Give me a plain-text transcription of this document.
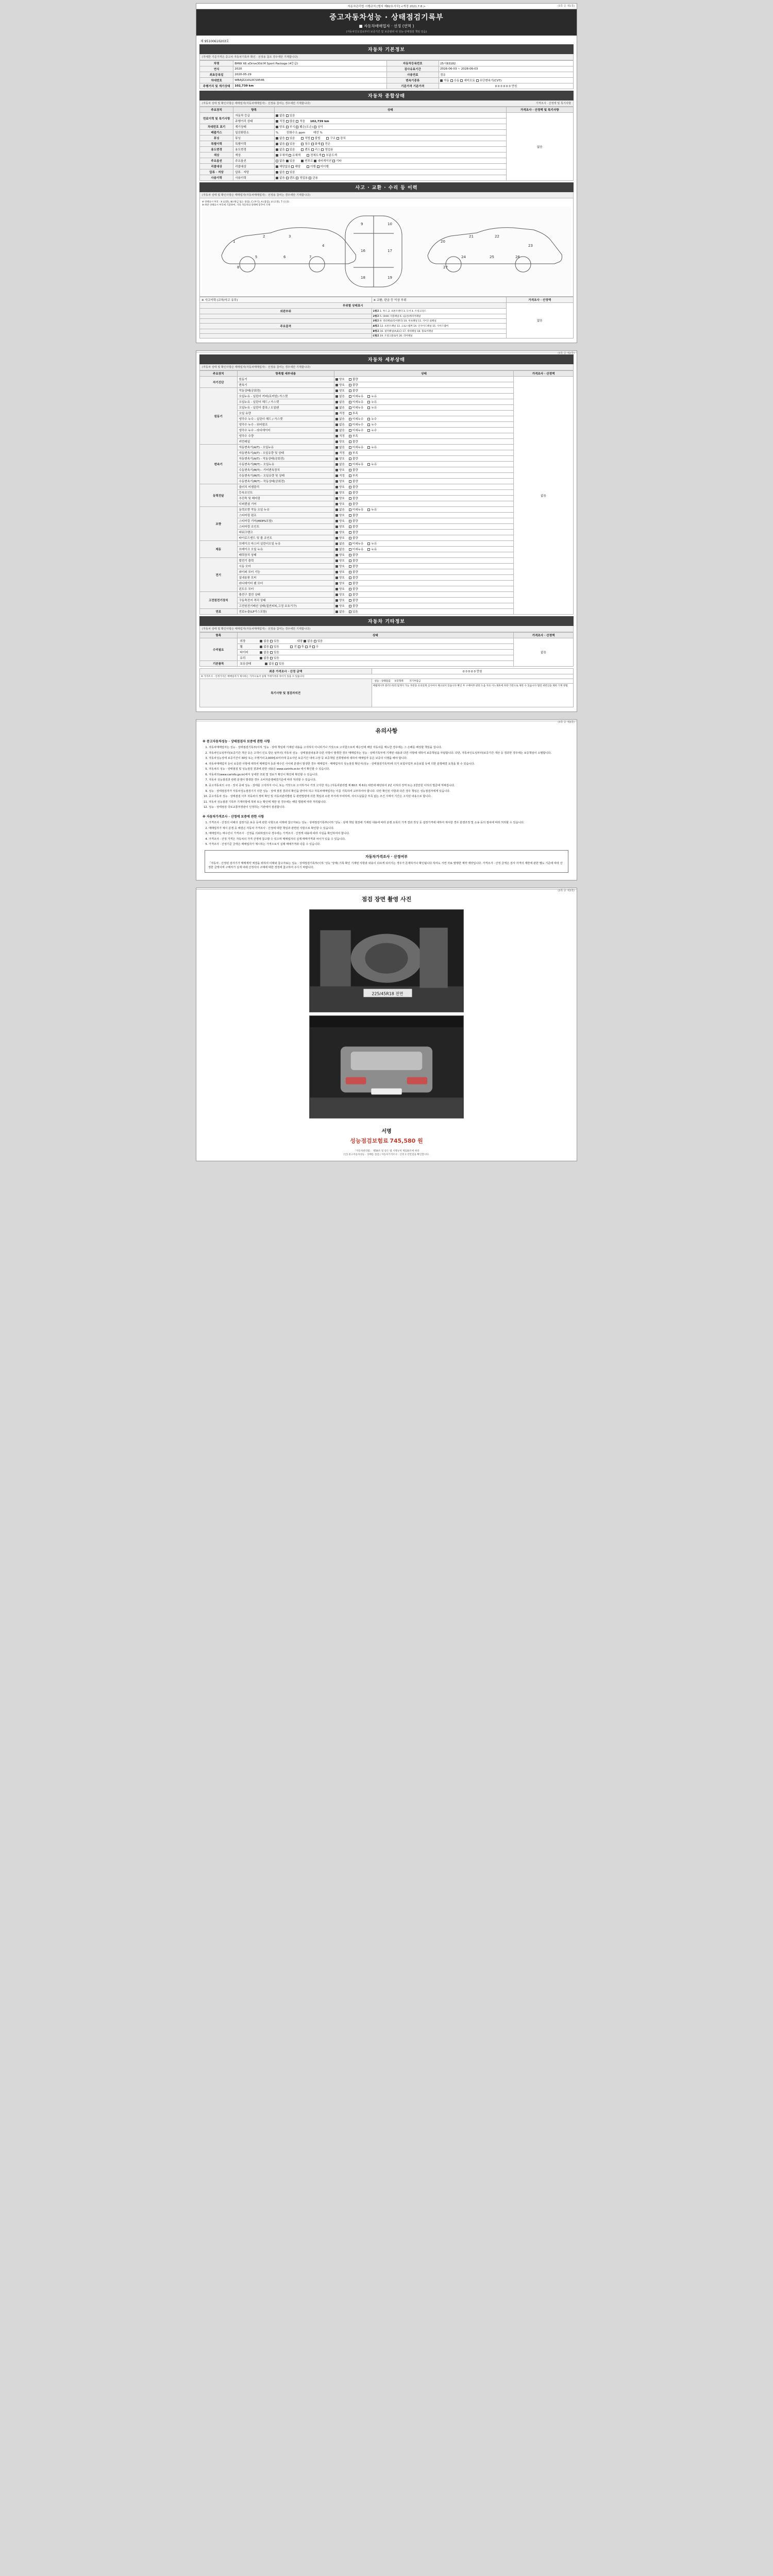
자동차관리법 시행규칙 [별지 제82호서식] <개정 2021.7.8.>	(3쪽 중 제1쪽)
중고자동차성능 · 상태점검기록부
■ 자동차매매업자 · 선정 (연멱 )
(자동차인도일로부터 보증기간 및 보증범위 내 성능·상태점검 책임 있음)
제 95100610203호
자동차 기본정보
(자세한 기준가격은 중고차 자동차기록부 확인 · 선정용 참조 경우에만 기재합니다)
차명	BMW X6 xDrive30d M Sport Package (4등급)	자동차등록번호	25시83182
연식	2020	검사유효기간	2026-06-03 ~ 2028-06-03
최초등록일	2020-05-29	사용연료	경유
차대번호	WBAJZ210L0CS9546	변속기종류	자동 수동 세미오토 무단변속기(CVT)
주행거리 및 계기상태	102,739 km	기준가격 기준가격	0 0 0 0 0 0 만원
자동차 종합상태
(자동차 상태 및 확인사항은 매매업자(자동차매매업자) · 선정용 참여는 경우에만 기재합니다)	가격조사 · 산정액 및 특기사항
주요장치	항목	상태	가격조사 · 산정액 및 특기사항
연료이력 및 특기사항	자동차 등급	없음 있음	없음
	주행거리 상태	적정 많음 적음 102,739 km	
차대번호 표기	계기상태	양호 부식 훼손(오손) 상이	
배출가스	일산화탄소	% 탄화수소 ppm 매연 %	
튜닝	튜닝	없음 있음 적법 불법 구조 장치	
특별이력	특별이력	없음 있음 침수 화재 전손	
용도변경	용도변경	없음 있음 렌트 리스 영업용	
색상	색상	무채색 유채색 전체도색 부분도색	
주요옵션	주요옵션	없음 있음 썬루프 내비게이션 기타	
리콜대상	리콜대상	해당없음 해당 이행 미이행	
압류 · 저당	압류 · 저당	없음 있음	
사용이력	사용이력	없음 렌트 영업용 관용	
사고 · 교환 · 수리 등 이력
(자동차 상태 및 확인사항은 매매업자(자동차매매업자) · 선정용 참여는 경우에만 기재합니다)
※ 상태표시 부호 : X (교환), W (판금 또는 용접), C (부식), A (흠집), U (요철), T (손상)
※ 하단 상태표시 부호에 기준하여, 기타 자동차의 상태에 맞추어 기재
1
2	3
4
5	6	7
8
9	10
16	17
18	19
20
21	22
23
24	25	26
27
※ 사고이력 (교차/사고 유무)	※ 교환, 판금 등 이상 부위	가격조사 · 산정액
부위별 상태표시		없음
외판부위	1랭크 1. 후드 2. 프론트펜더 3. 도어 4. 트렁크리드	
	2랭크 5. (040) 지붕패널 6. (옵션)캐리어패널	
	3랭크 9. 쿼터패널(리어펜더) 10. 루프패널 11. 사이드실패널	
주요골격	A랭크 12. 프론트패널 13. 크로스멤버 14. 인사이드패널 15. 사이드멤버	
	B랭크 16. 필러패널(A,B,C) 17. 대쉬패널 18. 플로어패널	
	C랭크 19. 트렁크플로어 20. 리어패널	
(3쪽 중 제2쪽)
자동차 세부상태
(자동차 상태 및 확인사항은 매매업자(자동차매매업자) · 선정용 참여는 경우에만 기재합니다)
주요장치	항목별 세부내용	상태	가격조사 · 산정액
자기진단	원동기	양호 불량	없음
	변속기	양호 불량	
원동기	작동상태(공회전)	양호 불량	
	오일누유 - 실린더 커버(로커암) 가스켓	없음 미세누유 누유	
	오일누유 - 실린더 헤드 / 가스켓	없음 미세누유 누유	
	오일누유 - 실린더 블록 / 오일팬	없음 미세누유 누유	
	오일 유량	적정 부족	
	냉각수 누수 - 실린더 헤드 / 가스켓	없음 미세누수 누수	
	냉각수 누수 - 워터펌프	없음 미세누수 누수	
	냉각수 누수 - 라디에이터	없음 미세누수 누수	
	냉각수 수량	적정 부족	
	커먼레일	양호 불량	
변속기	자동변속기(A/T) - 오일누유	없음 미세누유 누유	
	자동변속기(A/T) - 오일유량 및 상태	적정 부족	
	자동변속기(A/T) - 작동상태(공회전)	양호 불량	
	수동변속기(M/T) - 오일누유	없음 미세누유 누유	
	수동변속기(M/T) - 기어변속장치	양호 불량	
	수동변속기(M/T) - 오일유량 및 상태	적정 부족	
	수동변속기(M/T) - 작동상태(공회전)	양호 불량	
동력전달	클러치 어셈블리	양호 불량	
	등속조인트	양호 불량	
	추진축 및 베어링	양호 불량	
	디퍼렌셜 기어	양호 불량	
조향	동력조향 작동 오일 누유	없음 미세누유 누유	
	스티어링 펌프	양호 불량	
	스티어링 기어(MDPS포함)	양호 불량	
	스티어링 조인트	양호 불량	
	파워크랭크	양호 불량	
	타이로드엔드 및 볼 조인트	양호 불량	
제동	브레이크 마스터 실린더오일 누유	없음 미세누유 누유	
	브레이크 오일 누유	없음 미세누유 누유	
	배력장치 상태	양호 불량	
전기	발전기 출력	양호 불량	
	시동 모터	양호 불량	
	와이퍼 모터 기능	양호 불량	
	실내송풍 모터	양호 불량	
	라디에이터 팬 모터	양호 불량	
	윈도우 모터	양호 불량	
고전원전기장치	충전구 절연 상태	양호 불량	
	구동축전지 격리 상태	양호 불량	
	고전원전기배선 상태(접연피복,고정 보호기구)	양호 불량	
연료	연료누출(LP가스포함)	없음 있음	
자동차 기타정보
(자동차 상태 및 확인사항은 매매업자(자동차매매업자) · 선정용 참여는 경우에만 기재합니다)
항목	상태	가격조사 · 산정액
수리필요	외장 없음 있음 내장 없음 있음	없음
	휠 없음 있음 전 후 좌 우	
	타이어 없음 있음	
	유리 없음 있음	
기본품목	보유상태 없음 있음	
최종 가격조사 · 산정 금액	0 0 0 0 0 만원
※ 가격조사 · 산정가격은 매매업자가 제시하는 가격으로서 실제 거래가격과 차이가 있을 수 있습니다	
특기사항 및 점검자의견	성능 · 상태점검 보증형태 자기부담금
	매월제시부 플러스워리 탑재지 가능 부분을 유의깊게 심사여사 체크되어 있습니다 확인 후 구매여부 판단 도움 자료 이노제휴에 차량 기반으로 제반 수 있습니다 법령 위반인을 제한 기재 방법
(3쪽 중 제3쪽)
유의사항
※ 중고자동차성능 · 상태점검자 보증에 관한 사항
1. 자동차매매업자는 성능 · 상태점검기록부(이하 '성능 · 상태 책임에 기재된 내용을 고지하지 아니하거나 거짓으로 고지함으로써 매수인에 해당 자동차를 매도한 경우에는 그 손해를 배상할 책임을 집니다.
2. 자동차인도일부터(보증기간 개산 등은 고객이 인도 받은 날부터) 자동차 성능 · 상태점검내용과 다른 사항이 발생한 경우 매매업자는 성능 · 상태기록부에 기재된 내용과 다른 사항에 대하여 보증책임을 부담합니다. 다만, 자동차인도일부터(보증기간 개산 등 경과한 경우에는 보증책임이 소멸합니다.
3. 자동차성능상태 보증기간이 30일 또는 주행거리 2,000킬로미터에 중요사인 보증기간 내에 고장 등 보증책임 선취행위에 대하여 매매업자 등은 보증의 이행을 해야 합니다.
4. 자동차매매업자 등이 보증한 사항에 대하여 매매업자 등과 매수인 사이에 분쟁이 발생한 경우 매매업자 · 매매업자의 성능점검 확인서(성능 · 상태점검기록부)에 의거 보험사업자 보증보험 등에 의한 분쟁해결 요청을 할 수 있습니다.
5. 자동차의 성능 · 상태점검 및 성능점검 결과에 관한 내용은 www.carinfo.or.kr 에서 확인할 수 있습니다.
6. 자동차의(www.carinfo.go.kr)에서 상세한 조회 및 정보가 확인이 확인에 확인할 수 있습니다.
7. 자동차 성능점검과 관련 분쟁이 발생한 경우 소비자분쟁해결기준에 따라 처리할 수 있습니다.
8. 중고자동차의 구조 · 장치 중에 성능 · 상태를 고지하지 아니, 또는 거짓으로 고지하거나 거짓 고지한 자는 (자동차관리법 제 80조 제 6호) 위반에 해당되어 2년 이하의 징역 또는 2천만원 이하의 벌금에 처해집니다.
9. 성능 · 상태점검자가 자동차성능점검기기 의한 성능 · 상태 점검 결과의 확인을 받아야 하고 자동차매매업자는 이를 기록하여 교부하여야 합니다. 다만 확인된 사항과 다른 경우 책임은 성능점검자에게 있습니다.
10. 중고자동차 성능 · 상태점검 이후 자동차의 정비 확인 및 자동차관리법령 등 관련법령에 의한 책임과 소관 부서에 부여하며, 사이드남품글 부족 없는 조건 시에서 기간은 고지된 내용으로 합니다.
11. 자동차 성능점검 기록부 기재사항에 허위 또는 확인에 제한 된 경우에는 해당 법령에 따라 처리됩니다.
12. 성능 · 상태점검 국토교통부장관이 인정하는 기관에서 점검합니다.
※ 자동차가격조사 · 산정에 보증에 관한 사항
1. 가격조사 · 산정의 이해의 설정기준 보증 등에 관한 사항으로 이래에 참고자료는 성능 · 상태점검기록부(이하 '성능 · 상태 책임 현장에 기재된 내용에 따라 분쟁 요목의 가격 결과 작성 등 설정가격에 대하여 제시한 경우 분쟁조정 및 소송 등의 절차에 따라 처리할 수 있습니다.
2. 매매업자가 제시 분쟁 등 해결은 자동차 가격조사 · 산정에 대한 책임과 관련된 사항으로 확인할 수 있습니다.
3. 매매업자는 매수인이 가격조사 · 산정을 의뢰하였으나 경우에는 가격조사 · 산정액 내용에 따라 사실을 확인하여야 합니다.
4. 가격조사 · 산정 가격은 자동차의 가격 산정에 참고할 수 있으며 매매업자의 실제 매매가격과 차이가 있을 수 있습니다.
5. 가격조사 · 산정기준 금액은 매매업자가 제시하는 가격으로서 실제 매매가격과 다를 수 있습니다.
자동차가격조사 · 산정여부
「자동차 · 산정된 검사기가 매매계약 체결을 위하여 이래와 참고자료는 성능 · 상태점검기록부(이하 '성능 '상태) 기록 확인 기재된 사항과 내용이 다르게 되어지는 경우가 존재하거나 확인됩니다 하여도 서면 자료 발행한 계약 계약입니다. 가격조사 · 산정 금액은 검사 자격의 제반에 관한 별도 기준에 따라 산정한 금액이며 구매자가 실제 내에 산정자의 구매에 대한 경정에 참고하여 주시기 바랍니다.
(3쪽 중 제3쪽)
점검 장면 촬영 사진
225/45R18 전면
서명
성능점검보험료 745,580 원
「자동차관리법」 제58조 및 같은 법 시행규칙 제120조에 따라
[인] 중고자동차성능 · 상태를 점검 | 자동차가격조사 · 산정 1 년만검을 확인합니다.
